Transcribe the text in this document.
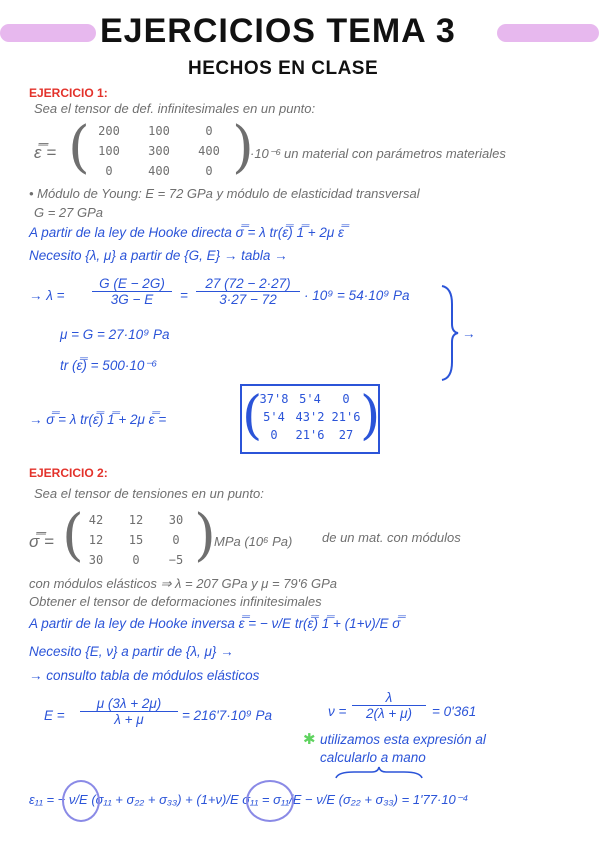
EJERCICIOS TEMA 3
HECHOS EN CLASE
EJERCICIO 1:
Sea el tensor de def. infinitesimales en un punto:
ε̿ = ( 200	100	0
100	300	400
0	400	0 )
·10⁻⁶ un material con parámetros materiales
• Módulo de Young: E = 72 GPa y módulo de elasticidad transversal
G = 27 GPa
A partir de la ley de Hooke directa σ̿ = λ tr(ε̿) 1̿ + 2μ ε̿
Necesito {λ, μ} a partir de {G, E} → tabla →
→ $\lambda = \frac{G (E - 2G)}{3G - E} = \frac{27 (72 - 2\cdot 27)}{3\cdot 27 - 72} \cdot 10^9 = 54\cdot 10^9$ Pa
μ = G = 27·10⁹ Pa
tr (ε̿) = 500·10⁻⁶
→
→ σ̿ = λ tr(ε̿) 1̿ + 2μ ε̿ = (
37'8 5'4	0
5'4 43'2 21'6
0	21'6	27 )
EJERCICIO 2:
Sea el tensor de tensiones en un punto:
σ̿ = ( 42	12	30
12	15	0
30	0	−5 )
MPa (10⁶ Pa) de un mat. con módulos
con módulos elásticos ⇒ λ = 207 GPa y μ = 79'6 GPa
Obtener el tensor de deformaciones infinitesimales
A partir de la ley de Hooke inversa ε̿ = − ν/E tr(ε̿) 1̿ + (1+ν)/E σ̿
Necesito {E, ν} a partir de {λ, μ} →
→ consulto tabla de módulos elásticos
$E = \frac{\mu (3\lambda + 2\mu)}{\lambda + \mu} = 216'7\cdot 10^9$ Pa	$\nu = \frac{\lambda}{2(\lambda + \mu)} = 0'361$
✱ utilizamos esta expresión al
calcularlo a mano
ε₁₁ = − ν/E (σ₁₁ + σ₂₂ + σ₃₃) + (1+ν)/E σ₁₁ = σ₁₁/E − ν/E (σ₂₂ + σ₃₃) = 1'77·10⁻⁴
